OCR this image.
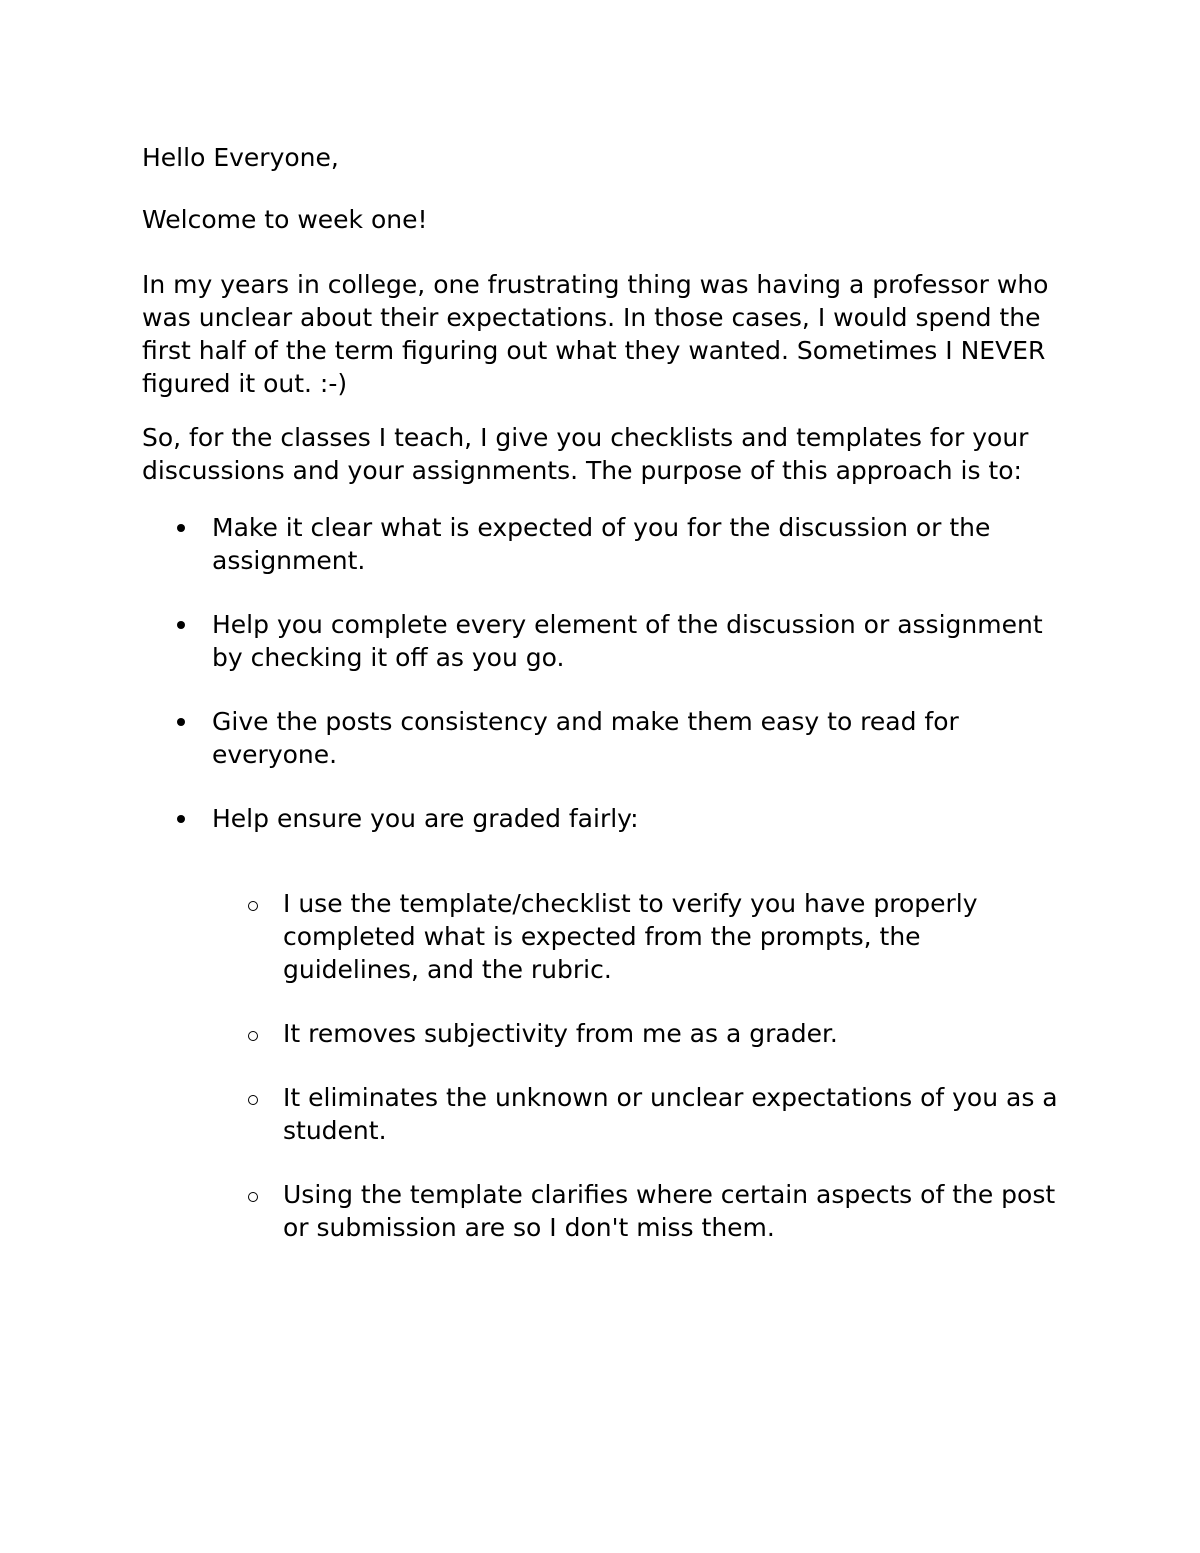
Hello Everyone,

Welcome to week one!

In my years in college, one frustrating thing was having a professor who was unclear about their expectations. In those cases, I would spend the first half of the term figuring out what they wanted. Sometimes I NEVER figured it out. :-)

So, for the classes I teach, I give you checklists and templates for your discussions and your assignments. The purpose of this approach is to:

Make it clear what is expected of you for the discussion or the assignment.
Help you complete every element of the discussion or assignment by checking it off as you go.
Give the posts consistency and make them easy to read for everyone.
Help ensure you are graded fairly:
I use the template/checklist to verify you have properly completed what is expected from the prompts, the guidelines, and the rubric.
It removes subjectivity from me as a grader.
It eliminates the unknown or unclear expectations of you as a student.
Using the template clarifies where certain aspects of the post or submission are so I don't miss them.
